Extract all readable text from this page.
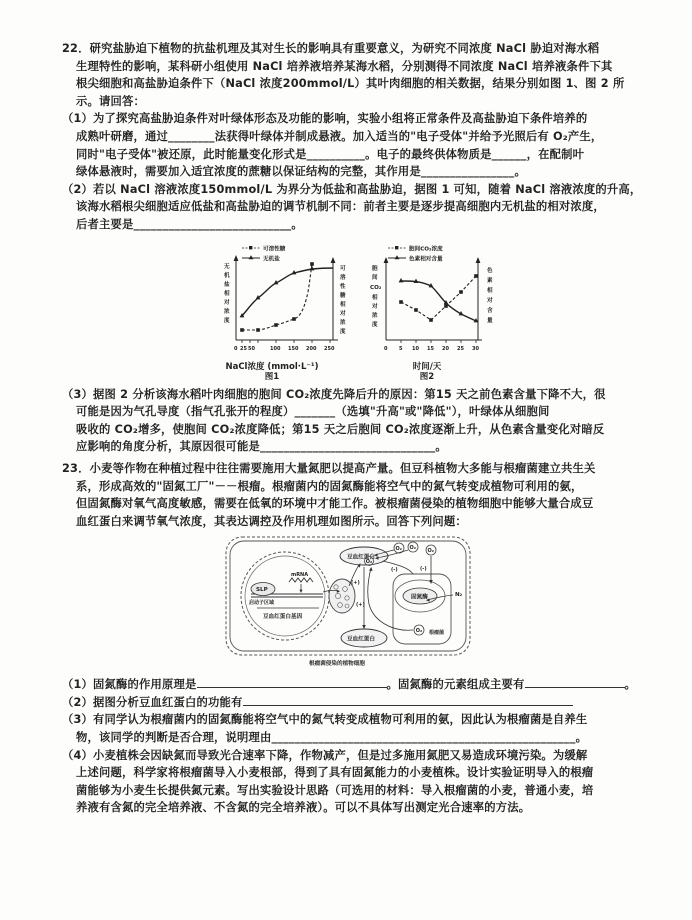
22．研究盐胁迫下植物的抗盐机理及其对生长的影响具有重要意义，为研究不同浓度 NaCl 胁迫对海水稻
生理特性的影响，某科研小组使用 NaCl 培养液培养某海水稻，分别测得不同浓度 NaCl 培养液条件下其
根尖细胞和高盐胁迫条件下（NaCl 浓度200mmol/L）其叶肉细胞的相关数据，结果分别如图 1、图 2 所
示。请回答：
（1）为了探究高盐胁迫条件对叶绿体形态及功能的影响，实验小组将正常条件及高盐胁迫下条件培养的
成熟叶研磨，通过________法获得叶绿体并制成悬液。加入适当的"电子受体"并给予光照后有 O₂产生，
同时"电子受体"被还原，此时能量变化形式是__________。电子的最终供体物质是______，在配制叶
绿体悬液时，需要加入适宜浓度的蔗糖以保证结构的完整，其作用是________________。
（2）若以 NaCl 溶液浓度150mmol/L 为界分为低盐和高盐胁迫，据图 1 可知，随着 NaCl 溶液浓度的升高，
该海水稻根尖细胞适应低盐和高盐胁迫的调节机制不同：前者主要是逐步提高细胞内无机盐的相对浓度，
后者主要是___________________________。
可溶性糖
无机盐
0 25 50	100 150 200 250
无
机
盐
相
对
浓
度
可
溶
性
糖
相
对
浓
度
NaCl浓度 (mmol·L⁻¹)
图1
胞间CO₂浓度
色素相对含量
0 5 10 15 20 25 30
胞
间
CO₂
相
对
浓
度
色
素
相
对
含
量
时间/天
图2
（3）据图 2 分析该海水稻叶肉细胞的胞间 CO₂浓度先降后升的原因：第15 天之前色素含量下降不大，很
可能是因为气孔导度（指气孔张开的程度）_______（选填"升高"或"降低"），叶绿体从细胞间
吸收的 CO₂增多，使胞间 CO₂浓度降低；第15 天之后胞间 CO₂浓度逐渐上升，从色素含量变化对暗反
应影响的角度分析，其原因很可能是______________________________。
23．小麦等作物在种植过程中往往需要施用大量氮肥以提高产量。但豆科植物大多能与根瘤菌建立共生关
系，形成高效的"固氮工厂"－－根瘤。根瘤菌内的固氮酶能将空气中的氮气转变成植物可利用的氨，
但固氮酶对氧气高度敏感，需要在低氧的环境中才能工作。被根瘤菌侵染的植物细胞中能够大量合成豆
血红蛋白来调节氧气浓度，其表达调控及作用机理如图所示。回答下列问题：
SLP
启动子区域
豆血红蛋白基因
mRNA
豆血红蛋白
O₂ O₂ O₂
O₂
(+)
豆血红蛋白
固氮酶	N₂
O₂ 根瘤菌
(-)
(-)
(+)
根瘤菌侵染的植物细胞
（1）固氮酶的作用原理是	。固氮酶的元素组成主要有	。
（2）据图分析豆血红蛋白的功能有
（3）有同学认为根瘤菌内的固氮酶能将空气中的氮气转变成植物可利用的氨，因此认为根瘤菌是自养生
物，该同学的判断是否合理，说明理由____________________________________________________。
（4）小麦植株会因缺氮而导致光合速率下降，作物减产，但是过多施用氮肥又易造成环境污染。为缓解
上述问题，科学家将根瘤菌导入小麦根部，得到了具有固氮能力的小麦植株。设计实验证明导入的根瘤
菌能够为小麦生长提供氮元素。写出实验设计思路（可选用的材料：导入根瘤菌的小麦，普通小麦，培
养液有含氮的完全培养液、不含氮的完全培养液）。可以不具体写出测定光合速率的方法。
